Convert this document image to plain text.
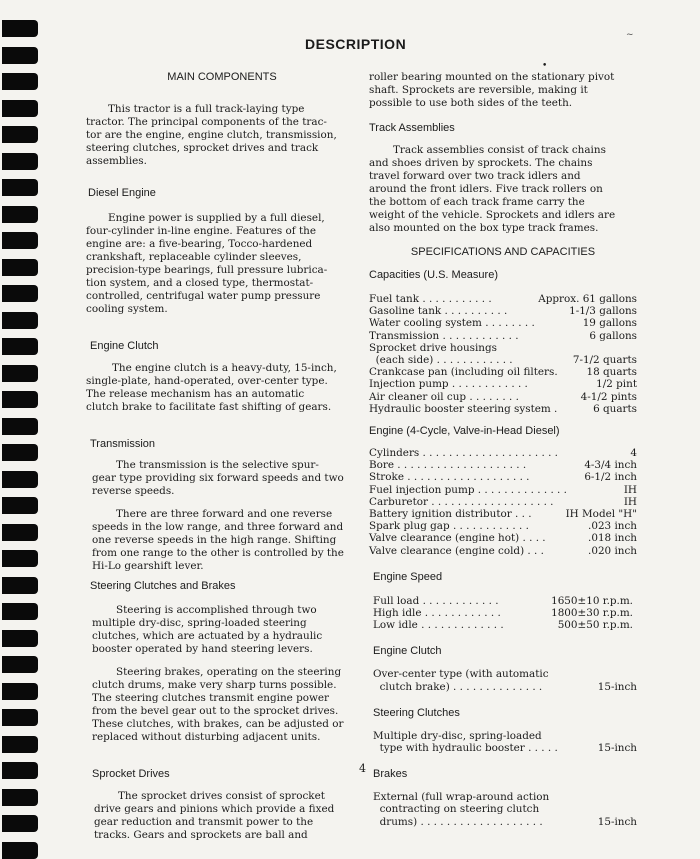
~
•
DESCRIPTION
MAIN COMPONENTS

This tractor is a full track-laying type

tractor. The principal components of the trac-

tor are the engine, engine clutch, transmission,

steering clutches, sprocket drives and track

assemblies.

Diesel Engine

Engine power is supplied by a full diesel,

four-cylinder in-line engine. Features of the

engine are: a five-bearing, Tocco-hardened

crankshaft, replaceable cylinder sleeves,

precision-type bearings, full pressure lubrica-

tion system, and a closed type, thermostat-

controlled, centrifugal water pump pressure

cooling system.

Engine Clutch

The engine clutch is a heavy-duty, 15-inch,

single-plate, hand-operated, over-center type.

The release mechanism has an automatic

clutch brake to facilitate fast shifting of gears.

Transmission

The transmission is the selective spur-

gear type providing six forward speeds and two

reverse speeds.

There are three forward and one reverse

speeds in the low range, and three forward and

one reverse speeds in the high range. Shifting

from one range to the other is controlled by the

Hi-Lo gearshift lever.

Steering Clutches and Brakes

Steering is accomplished through two

multiple dry-disc, spring-loaded steering

clutches, which are actuated by a hydraulic

booster operated by hand steering levers.

Steering brakes, operating on the steering

clutch drums, make very sharp turns possible.

The steering clutches transmit engine power

from the bevel gear out to the sprocket drives.

These clutches, with brakes, can be adjusted or

replaced without disturbing adjacent units.

Sprocket Drives

The sprocket drives consist of sprocket

drive gears and pinions which provide a fixed

gear reduction and transmit power to the

tracks. Gears and sprockets are ball and

roller bearing mounted on the stationary pivot

shaft. Sprockets are reversible, making it

possible to use both sides of the teeth.

Track Assemblies

Track assemblies consist of track chains

and shoes driven by sprockets. The chains

travel forward over two track idlers and

around the front idlers. Five track rollers on

the bottom of each track frame carry the

weight of the vehicle. Sprockets and idlers are

also mounted on the box type track frames.

SPECIFICATIONS AND CAPACITIES
Capacities (U.S. Measure)
Fuel tank . . . . . . . . . . .	Approx. 61 gallons
Gasoline tank . . . . . . . . . .	1-1/3 gallons
Water cooling system . . . . . . . .	19 gallons
Transmission . . . . . . . . . . . .	6 gallons
Sprocket drive housings
(each side) . . . . . . . . . . . .	7-1/2 quarts
Crankcase pan (including oil filters.	18 quarts
Injection pump . . . . . . . . . . . .	1/2 pint
Air cleaner oil cup . . . . . . . .	4-1/2 pints
Hydraulic booster steering system .	6 quarts
Engine (4-Cycle, Valve-in-Head Diesel)
Cylinders . . . . . . . . . . . . . . . . . . . . .	4
Bore . . . . . . . . . . . . . . . . . . . .	4-3/4 inch
Stroke . . . . . . . . . . . . . . . . . . .	6-1/2 inch
Fuel injection pump . . . . . . . . . . . . . .	IH
Carburetor . . . . . . . . . . . . . . . . . . .	IH
Battery ignition distributor . . .	IH Model "H"
Spark plug gap . . . . . . . . . . . .	.023 inch
Valve clearance (engine hot) . . . .	.018 inch
Valve clearance (engine cold) . . .	.020 inch
Engine Speed
Full load . . . . . . . . . . . .	1650±10 r.p.m.
High idle . . . . . . . . . . . .	1800±30 r.p.m.
Low idle . . . . . . . . . . . . .	500±50 r.p.m.
Engine Clutch
Over-center type (with automatic
clutch brake) . . . . . . . . . . . . . .	15-inch
Steering Clutches
Multiple dry-disc, spring-loaded
type with hydraulic booster . . . . .	15-inch
Brakes
External (full wrap-around action
contracting on steering clutch
drums) . . . . . . . . . . . . . . . . . . .	15-inch
4
